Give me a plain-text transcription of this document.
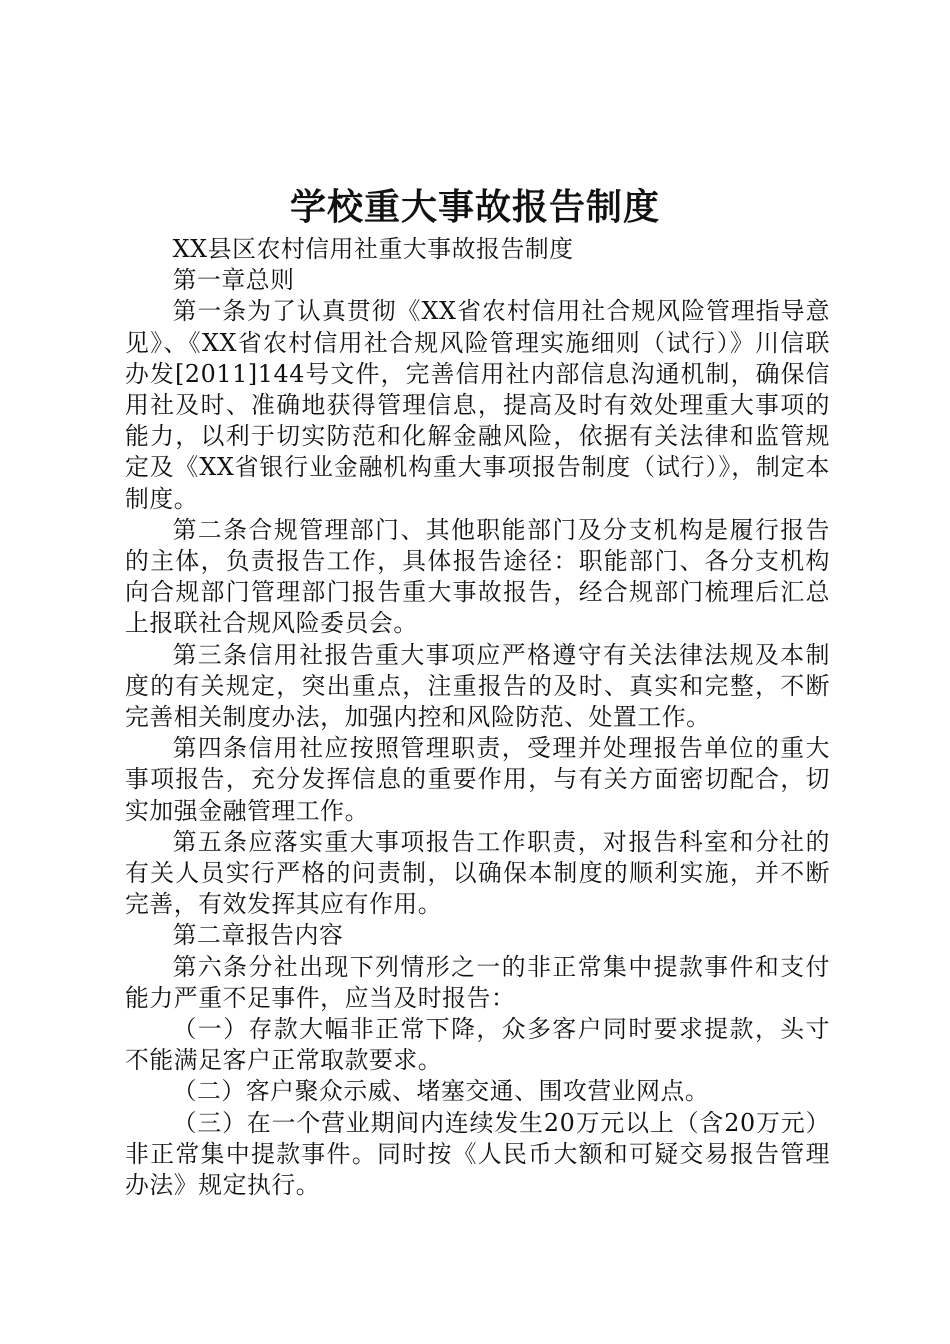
学校重大事故报告制度

XX县区农村信用社重大事故报告制度

第一章总则

第一条为了认真贯彻《XX省农村信用社合规风险管理指导意见》、《XX省农村信用社合规风险管理实施细则（试行）》川信联办发[2011]144号文件，完善信用社内部信息沟通机制，确保信用社及时、准确地获得管理信息，提高及时有效处理重大事项的能力，以利于切实防范和化解金融风险，依据有关法律和监管规定及《XX省银行业金融机构重大事项报告制度（试行）》，制定本制度。

第二条合规管理部门、其他职能部门及分支机构是履行报告的主体，负责报告工作，具体报告途径：职能部门、各分支机构向合规部门管理部门报告重大事故报告，经合规部门梳理后汇总上报联社合规风险委员会。

第三条信用社报告重大事项应严格遵守有关法律法规及本制度的有关规定，突出重点，注重报告的及时、真实和完整，不断完善相关制度办法，加强内控和风险防范、处置工作。

第四条信用社应按照管理职责，受理并处理报告单位的重大事项报告，充分发挥信息的重要作用，与有关方面密切配合，切实加强金融管理工作。

第五条应落实重大事项报告工作职责，对报告科室和分社的有关人员实行严格的问责制，以确保本制度的顺利实施，并不断完善，有效发挥其应有作用。

第二章报告内容

第六条分社出现下列情形之一的非正常集中提款事件和支付能力严重不足事件，应当及时报告：

（一）存款大幅非正常下降，众多客户同时要求提款，头寸不能满足客户正常取款要求。

（二）客户聚众示威、堵塞交通、围攻营业网点。

（三）在一个营业期间内连续发生20万元以上（含20万元）非正常集中提款事件。同时按《人民币大额和可疑交易报告管理办法》规定执行。
